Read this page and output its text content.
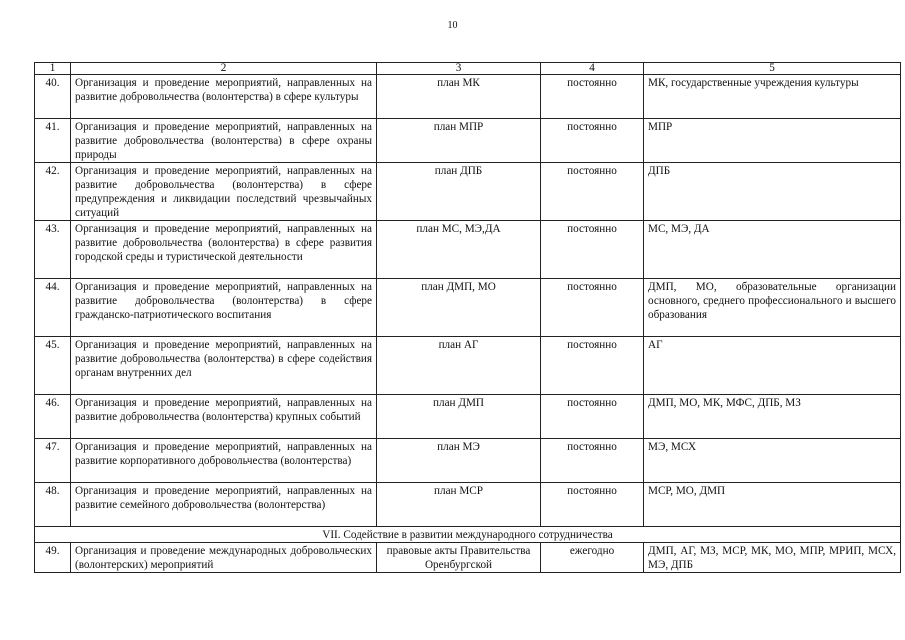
10
1	2	3	4	5
40.	Организация и проведение мероприятий, направленных на развитие добровольчества (волонтерства) в сфере культуры	план МК	постоянно	МК, государственные учреждения культуры
41.	Организация и проведение мероприятий, направленных на развитие добровольчества (волонтерства) в сфере охраны природы	план МПР	постоянно	МПР
42.	Организация и проведение мероприятий, направленных на развитие добровольчества (волонтерства) в сфере предупреждения и ликвидации последствий чрезвычайных ситуаций	план ДПБ	постоянно	ДПБ
43.	Организация и проведение мероприятий, направленных на развитие добровольчества (волонтерства) в сфере развития городской среды и туристической деятельности	план МС, МЭ,ДА	постоянно	МС, МЭ, ДА
44.	Организация и проведение мероприятий, направленных на развитие добровольчества (волонтерства) в сфере гражданско-патриотического воспитания	план ДМП, МО	постоянно	ДМП, МО, образовательные организации основного, среднего профессионального и высшего образования
45.	Организация и проведение мероприятий, направленных на развитие добровольчества (волонтерства) в сфере содействия органам внутренних дел	план АГ	постоянно	АГ
46.	Организация и проведение мероприятий, направленных на развитие добровольчества (волонтерства) крупных событий	план ДМП	постоянно	ДМП, МО, МК, МФС, ДПБ, МЗ
47.	Организация и проведение мероприятий, направленных на развитие корпоративного добровольчества (волонтерства)	план МЭ	постоянно	МЭ, МСХ
48.	Организация и проведение мероприятий, направленных на развитие семейного добровольчества (волонтерства)	план МСР	постоянно	МСР, МО, ДМП
VII. Содействие в развитии международного сотрудничества				
49.	Организация и проведение международных добровольческих (волонтерских) мероприятий	правовые акты Правительства Оренбургской	ежегодно	ДМП, АГ, МЗ, МСР, МК, МО, МПР, МРИП, МСХ, МЭ, ДПБ
